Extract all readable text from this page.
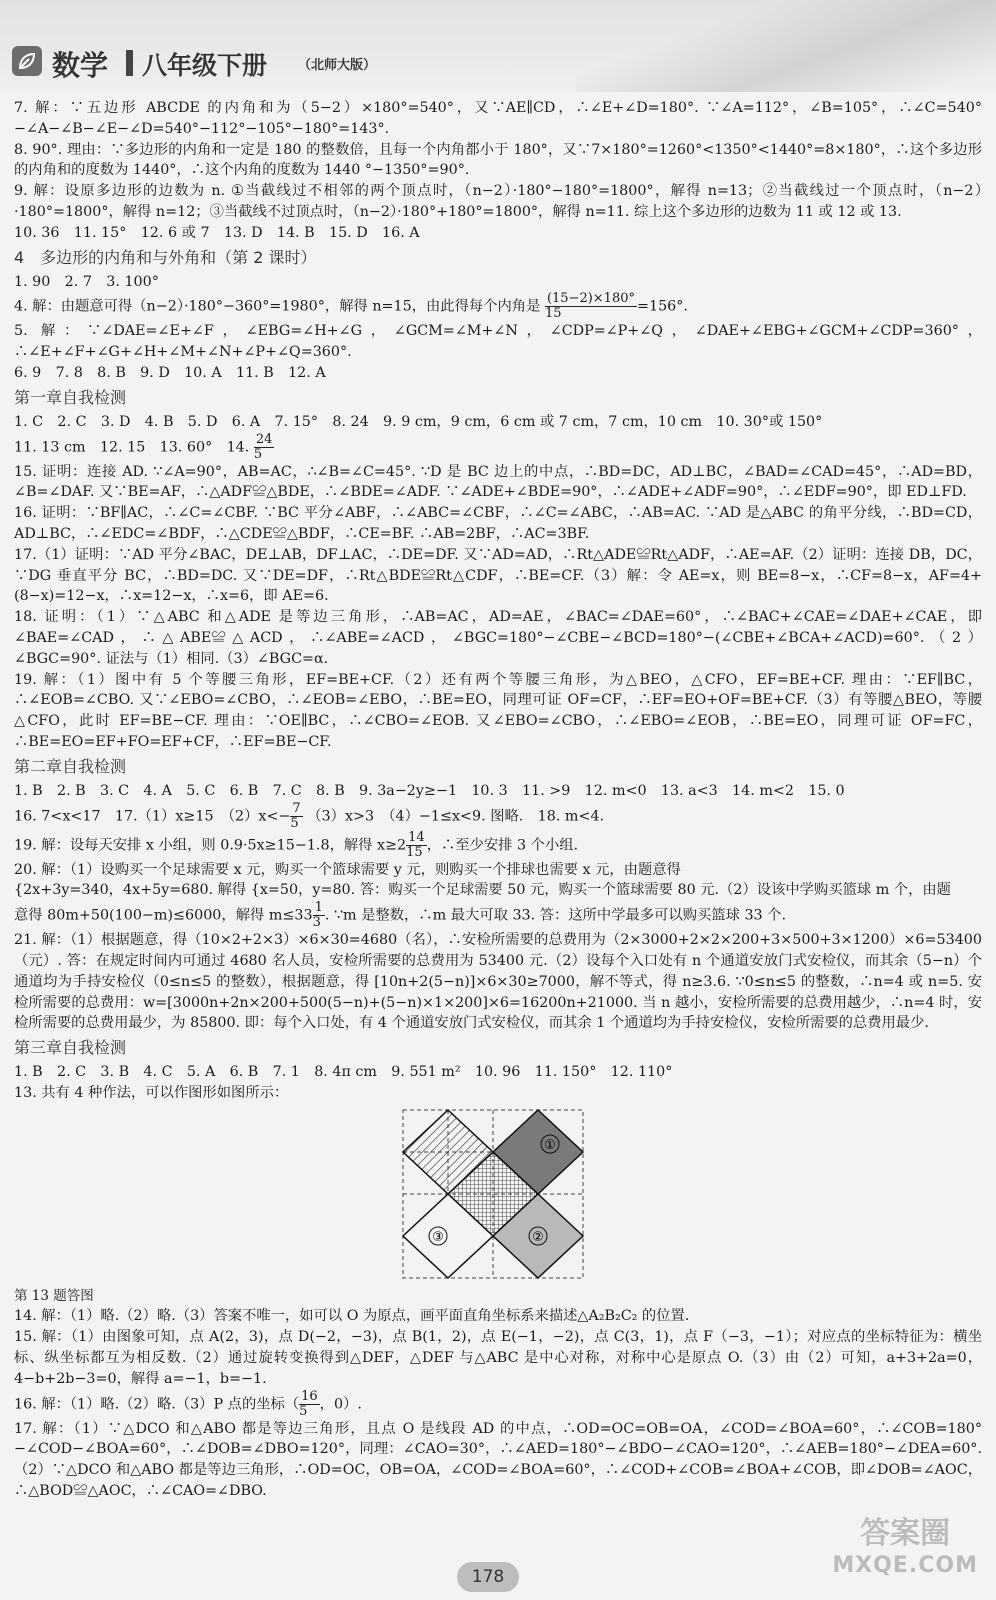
数学 八年级下册 （北师大版）

7. 解：∵五边形 ABCDE 的内角和为（5−2）×180°=540°，又∵AE∥CD，∴∠E+∠D=180°. ∵∠A=112°，∠B=105°，∴∠C=540°−∠A−∠B−∠E−∠D=540°−112°−105°−180°=143°.

8. 90°. 理由：∵多边形的内角和一定是 180 的整数倍，且每一个内角都小于 180°，又∵7×180°=1260°<1350°<1440°=8×180°，∴这个多边形的内角和的度数为 1440°，∴这个内角的度数为 1440 °−1350°=90°.

9. 解：设原多边形的边数为 n. ①当截线过不相邻的两个顶点时，（n−2）·180°−180°=1800°，解得 n=13；②当截线过一个顶点时，（n−2）·180°=1800°，解得 n=12；③当截线不过顶点时，（n−2）·180°+180°=1800°，解得 n=11. 综上这个多边形的边数为 11 或 12 或 13.

10. 36　11. 15°　12. 6 或 7　13. D　14. B　15. D　16. A

4　多边形的内角和与外角和（第 2 课时）

1. 90　2. 7　3. 100°

4. 解：由题意可得（n−2）·180°−360°=1980°，解得 n=15，由此得每个内角是 $\frac{(15-2)\times 180^\circ}{15} =156^\circ$.

5. 解：∵∠DAE=∠E+∠F，∠EBG=∠H+∠G，∠GCM=∠M+∠N，∠CDP=∠P+∠Q，∠DAE+∠EBG+∠GCM+∠CDP=360°，∴∠E+∠F+∠G+∠H+∠M+∠N+∠P+∠Q=360°.

6. 9　7. 8　8. B　9. D　10. A　11. B　12. A

第一章自我检测

1. C　2. C　3. D　4. B　5. D　6. A　7. 15°　8. 24　9. 9 cm，9 cm，6 cm 或 7 cm，7 cm，10 cm　10. 30°或 150°

11. 13 cm　12. 15　13. 60°　14. $\frac{24}{5}$

15. 证明：连接 AD. ∵∠A=90°，AB=AC，∴∠B=∠C=45°. ∵D 是 BC 边上的中点，∴BD=DC，AD⊥BC，∠BAD=∠CAD=45°，∴AD=BD，∠B=∠DAF. 又∵BE=AF，∴△ADF≌△BDE，∴∠BDE=∠ADF. ∵∠ADE+∠BDE=90°，∴∠ADE+∠ADF=90°，∴∠EDF=90°，即 ED⊥FD.

16. 证明：∵BF∥AC，∴∠C=∠CBF. ∵BC 平分∠ABF，∴∠ABC=∠CBF，∴∠C=∠ABC，∴AB=AC. ∵AD 是△ABC 的角平分线，∴BD=CD，AD⊥BC，∴∠EDC=∠BDF，∴△CDE≌△BDF，∴CE=BF. ∴AB=2BF，∴AC=3BF.

17.（1）证明：∵AD 平分∠BAC，DE⊥AB，DF⊥AC，∴DE=DF. 又∵AD=AD，∴Rt△ADE≌Rt△ADF，∴AE=AF.（2）证明：连接 DB，DC，∵DG 垂直平分 BC，∴BD=DC. 又∵DE=DF，∴Rt△BDE≌Rt△CDF，∴BE=CF.（3）解：令 AE=x，则 BE=8−x，∴CF=8−x，AF=4+(8−x)=12−x，∴x=12−x，∴x=6，即 AE=6.

18. 证明：（1）∵△ABC 和△ADE 是等边三角形，∴AB=AC，AD=AE，∠BAC=∠DAE=60°，∴∠BAC+∠CAE=∠DAE+∠CAE，即∠BAE=∠CAD，∴△ABE≌△ACD，∴∠ABE=∠ACD，∠BGC=180°−∠CBE−∠BCD=180°−(∠CBE+∠BCA+∠ACD)=60°.（2）∠BGC=90°. 证法与（1）相同.（3）∠BGC=α.

19. 解：（1）图中有 5 个等腰三角形，EF=BE+CF.（2）还有两个等腰三角形，为△BEO，△CFO，EF=BE+CF. 理由：∵EF∥BC，∴∠EOB=∠CBO. 又∵∠EBO=∠CBO，∴∠EOB=∠EBO，∴BE=EO，同理可证 OF=CF，∴EF=EO+OF=BE+CF.（3）有等腰△BEO，等腰△CFO，此时 EF=BE−CF. 理由：∵OE∥BC，∴∠CBO=∠EOB. 又∠EBO=∠CBO，∴∠EBO=∠EOB，∴BE=EO，同理可证 OF=FC，∴BE=EO=EF+FO=EF+CF，∴EF=BE−CF.

第二章自我检测

1. B　2. B　3. C　4. A　5. C　6. B　7. C　8. B　9. 3a−2y≥−1　10. 3　11. >9　12. m<0　13. a<3　14. m<2　15. 0

16. 7<x<17　17.（1）x≥15　$(2)x<- \frac{7}{5} (3)x>3$　（4）−1≤x<9. 图略.　18. m<4.

19. 解：设每天安排 x 小组，则 0.9·5x≥15−1.8，解得 $x\ge 2 \frac{14}{15}$ ，∴至少安排 3 个小组.

20. 解：（1）设购买一个足球需要 x 元，购买一个篮球需要 y 元，则购买一个排球也需要 x 元，由题意得

{2x+3y=340，4x+5y=680. 解得 {x=50，y=80. 答：购买一个足球需要 50 元，购买一个篮球需要 80 元.（2）设该中学购买篮球 m 个，由题

意得 80m+50(100−m)≤6000，解得 $m\le 33 \frac{1}{3}$ . ∵m 是整数，∴m 最大可取 33. 答：这所中学最多可以购买篮球 33 个.

21. 解：（1）根据题意，得（10×2+2×3）×6×30=4680（名），∴安检所需要的总费用为（2×3000+2×2×200+3×500+3×1200）×6=53400（元）. 答：在规定时间内可通过 4680 名人员，安检所需要的总费用为 53400 元.（2）设每个入口处有 n 个通道安放门式安检仪，而其余（5−n）个通道均为手持安检仪（0≤n≤5 的整数），根据题意，得 [10n+2(5−n)]×6×30≥7000，解不等式，得 n≥3.6. ∵0≤n≤5 的整数，∴n=4 或 n=5. 安检所需要的总费用：w=[3000n+2n×200+500(5−n)+(5−n)×1×200]×6=16200n+21000. 当 n 越小，安检所需要的总费用越少，∴n=4 时，安检所需要的总费用最少，为 85800. 即：每个入口处，有 4 个通道安放门式安检仪，而其余 1 个通道均为手持安检仪，安检所需要的总费用最少.

第三章自我检测

1. B　2. C　3. B　4. C　5. A　6. B　7. 1　8. 4π cm　9. 551 m²　10. 96　11. 150°　12. 110°

13. 共有 4 种作法，可以作图形如图所示：

①
③	②

第 13 题答图

14. 解：（1）略.（2）略.（3）答案不唯一，如可以 O 为原点，画平面直角坐标系来描述△A₂B₂C₂ 的位置.

15. 解：（1）由图象可知，点 A(2，3)，点 D(−2，−3)，点 B(1，2)，点 E(−1，−2)，点 C(3，1)，点 F（−3，−1）；对应点的坐标特征为：横坐标、纵坐标都互为相反数.（2）通过旋转变换得到△DEF，△DEF 与△ABC 是中心对称，对称中心是原点 O.（3）由（2）可知，a+3+2a=0，4−b+2b−3=0，解得 a=−1，b=−1.

16. 解：（1）略.（2）略.（3）P 点的坐标（ $\frac{16}{5}$ ，0）.

17. 解：（1）∵△DCO 和△ABO 都是等边三角形，且点 O 是线段 AD 的中点，∴OD=OC=OB=OA，∠COD=∠BOA=60°，∴∠COB=180°−∠COD−∠BOA=60°，∴∠DOB=∠DBO=120°，同理：∠CAO=30°，∴∠AED=180°−∠BDO−∠CAO=120°，∴∠AEB=180°−∠DEA=60°.（2）∵△DCO 和△ABO 都是等边三角形，∴OD=OC，OB=OA，∠COD=∠BOA=60°，∴∠COD+∠COB=∠BOA+∠COB，即∠DOB=∠AOC，∴△BOD≌△AOC，∴∠CAO=∠DBO.

答案圈
MXQE.COM
178
